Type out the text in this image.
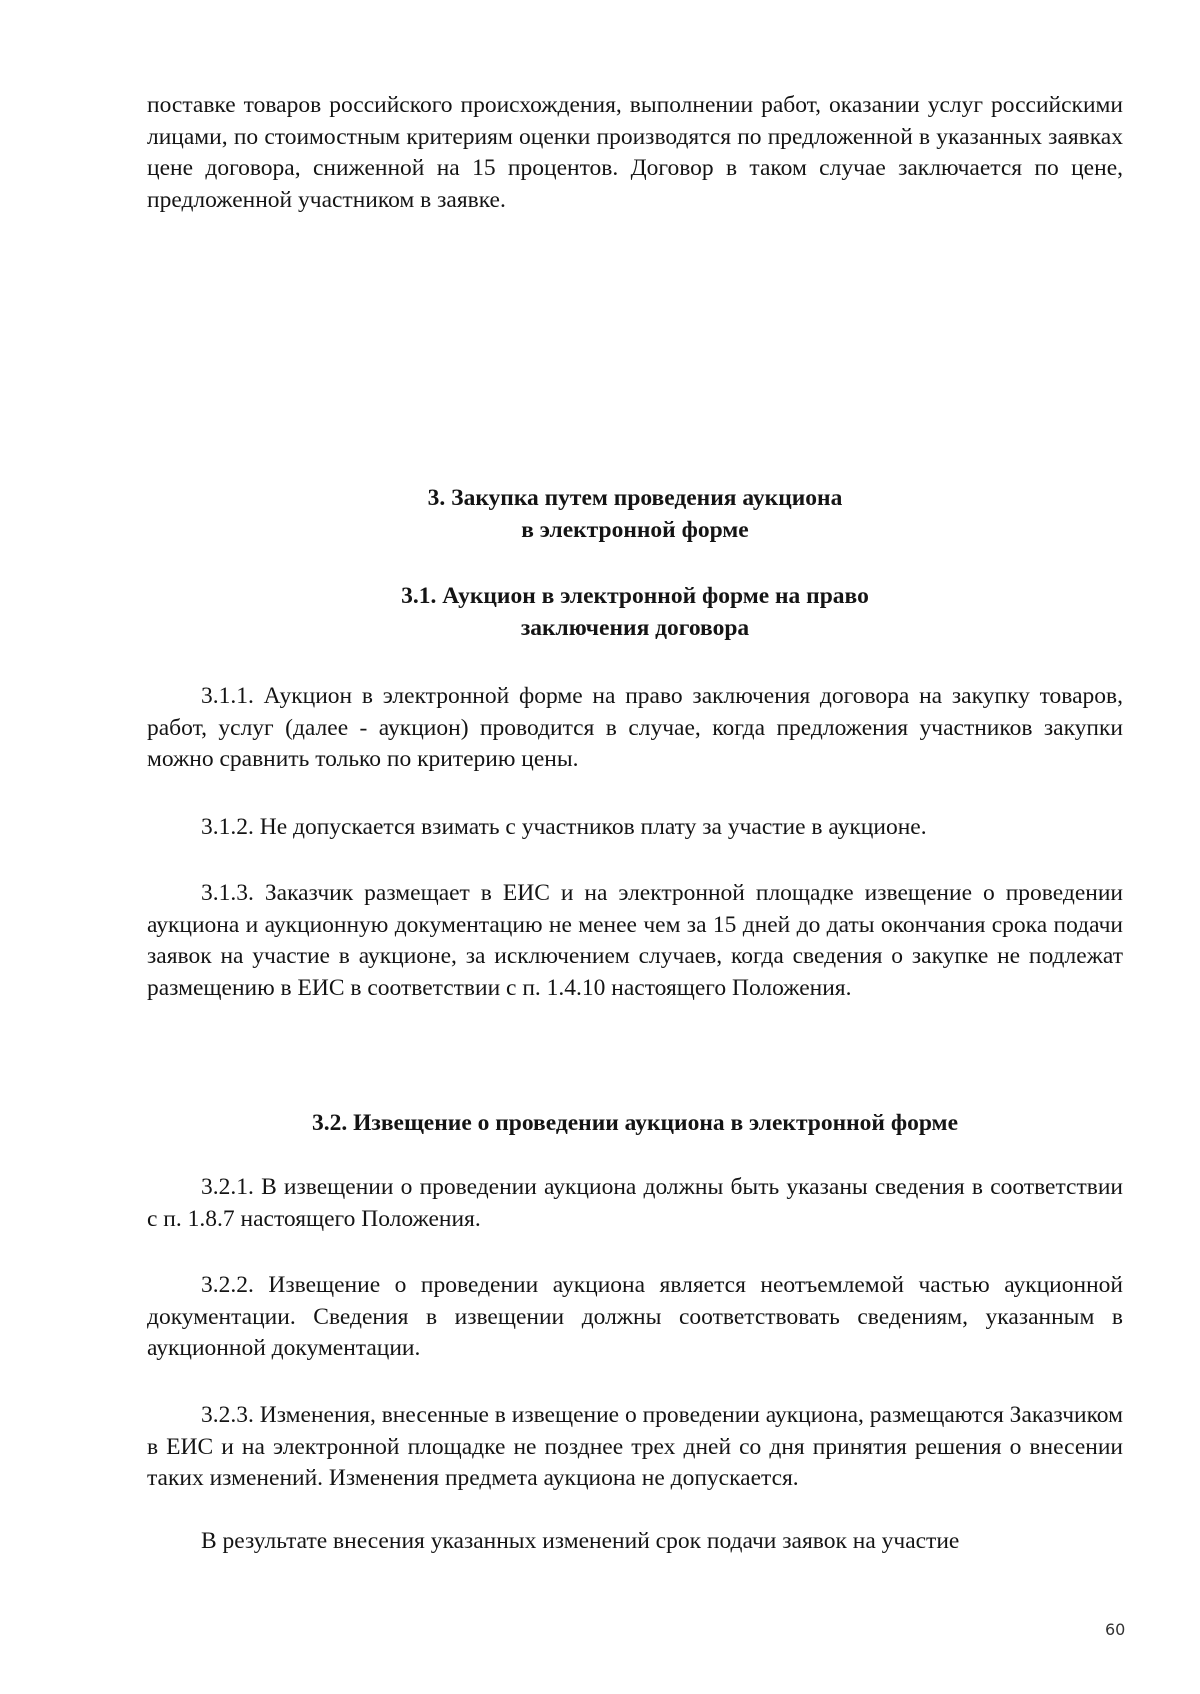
поставке товаров российского происхождения, выполнении работ, оказании услуг российскими лицами, по стоимостным критериям оценки производятся по предложенной в указанных заявках цене договора, сниженной на 15 процентов. Договор в таком случае заключается по цене, предложенной участником в заявке.

3. Закупка путем проведения аукциона
в электронной форме
3.1. Аукцион в электронной форме на право
заключения договора

3.1.1. Аукцион в электронной форме на право заключения договора на закупку товаров, работ, услуг (далее - аукцион) проводится в случае, когда предложения участников закупки можно сравнить только по критерию цены.

3.1.2. Не допускается взимать с участников плату за участие в аукционе.

3.1.3. Заказчик размещает в ЕИС и на электронной площадке извещение о проведении аукциона и аукционную документацию не менее чем за 15 дней до даты окончания срока подачи заявок на участие в аукционе, за исключением случаев, когда сведения о закупке не подлежат размещению в ЕИС в соответствии с п. 1.4.10 настоящего Положения.

3.2. Извещение о проведении аукциона в электронной форме

3.2.1. В извещении о проведении аукциона должны быть указаны сведения в соответствии с п. 1.8.7 настоящего Положения.

3.2.2. Извещение о проведении аукциона является неотъемлемой частью аукционной документации. Сведения в извещении должны соответствовать сведениям, указанным в аукционной документации.

3.2.3. Изменения, внесенные в извещение о проведении аукциона, размещаются Заказчиком в ЕИС и на электронной площадке не позднее трех дней со дня принятия решения о внесении таких изменений. Изменения предмета аукциона не допускается.

В результате внесения указанных изменений срок подачи заявок на участие

60
